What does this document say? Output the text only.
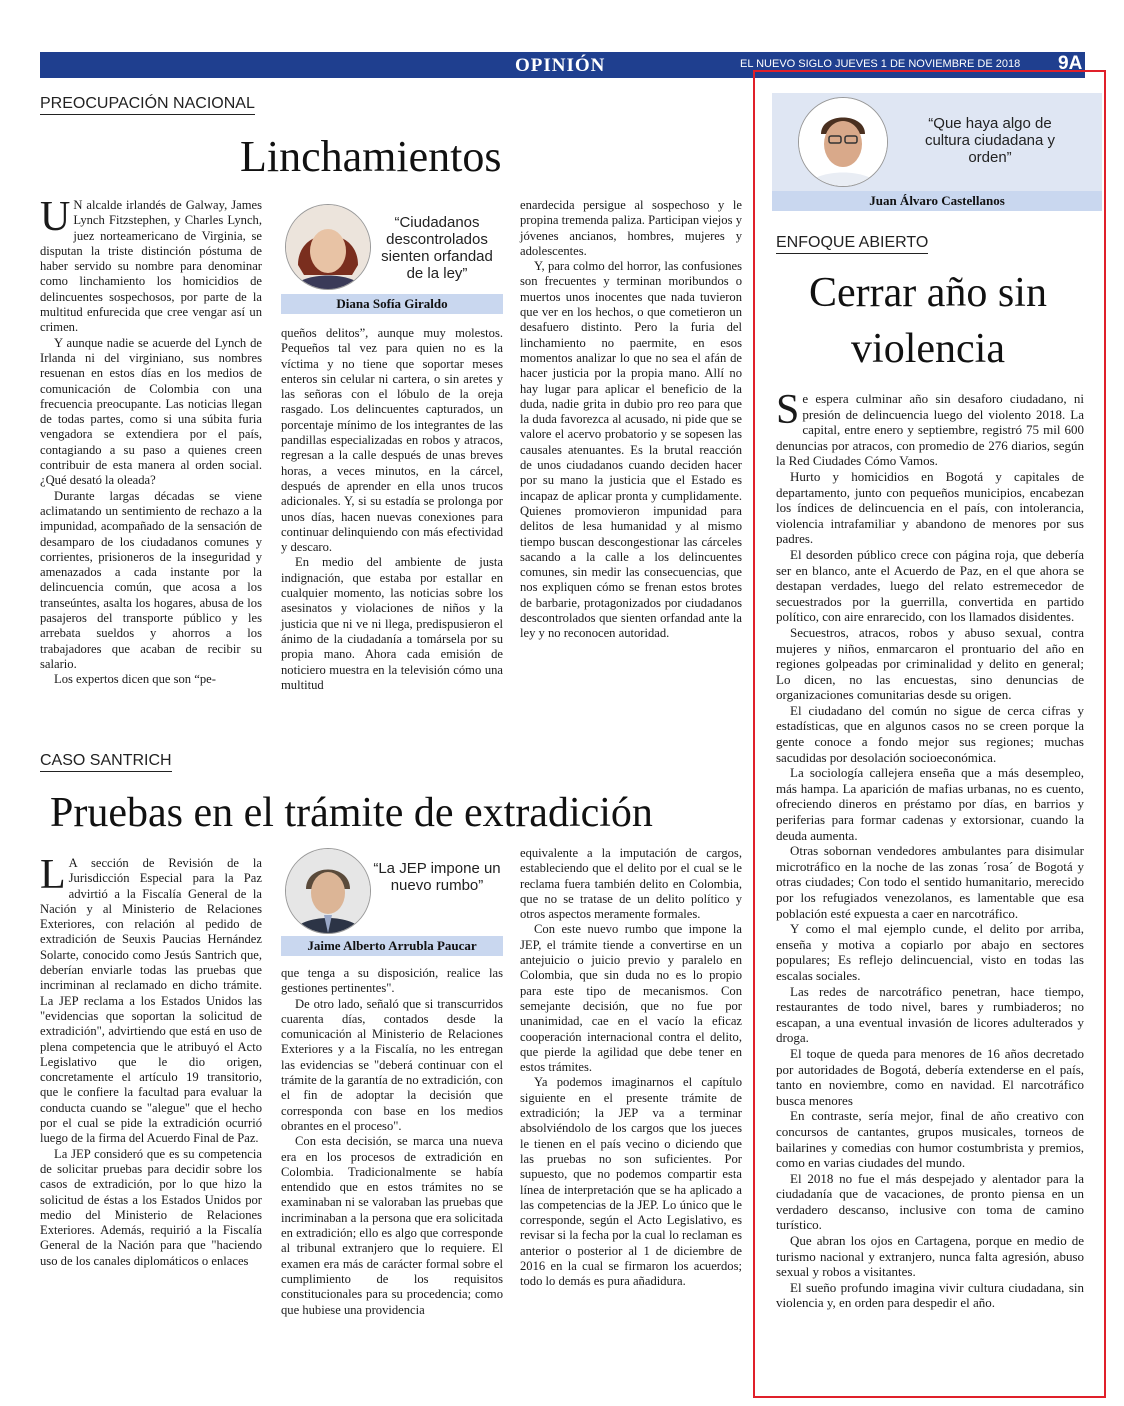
OPINIÓN	EL NUEVO SIGLO JUEVES 1 DE NOVIEMBRE DE 2018 9A
PREOCUPACIÓN NACIONAL
Linchamientos

U N alcalde irlandés de Galway, James Lynch Fitzstephen, y Charles Lynch, juez norteamericano de Virginia, se disputan la triste distinción póstuma de haber servido su nombre para denominar como linchamiento los homicidios de delincuentes sospechosos, por parte de la multitud enfurecida que cree vengar así un crimen.

Y aunque nadie se acuerde del Lynch de Irlanda ni del virginiano, sus nombres resuenan en estos días en los medios de comunicación de Colombia con una frecuencia preocupante. Las noticias llegan de todas partes, como si una súbita furia vengadora se extendiera por el país, contagiando a su paso a quienes creen contribuir de esta manera al orden social. ¿Qué desató la oleada?

Durante largas décadas se viene aclimatando un sentimiento de rechazo a la impunidad, acompañado de la sensación de desamparo de los ciudadanos comunes y corrientes, prisioneros de la inseguridad y amenazados a cada instante por la delincuencia común, que acosa a los transeúntes, asalta los hogares, abusa de los pasajeros del transporte público y les arrebata sueldos y ahorros a los trabajadores que acaban de recibir su salario.

Los expertos dicen que son “pe-

“Ciudadanos descontrolados sienten orfandad de la ley”
Diana Sofía Giraldo

queños delitos”, aunque muy molestos. Pequeños tal vez para quien no es la víctima y no tiene que soportar meses enteros sin celular ni cartera, o sin aretes y las señoras con el lóbulo de la oreja rasgado. Los delincuentes capturados, un porcentaje mínimo de los integrantes de las pandillas especializadas en robos y atracos, regresan a la calle después de unas breves horas, a veces minutos, en la cárcel, después de aprender en ella unos trucos adicionales. Y, si su estadía se prolonga por unos días, hacen nuevas conexiones para continuar delinquiendo con más efectividad y descaro.

En medio del ambiente de justa indignación, que estaba por estallar en cualquier momento, las noticias sobre los asesinatos y violaciones de niños y la justicia que ni ve ni llega, predispusieron el ánimo de la ciudadanía a tomársela por su propia mano. Ahora cada emisión de noticiero muestra en la televisión cómo una multitud

enardecida persigue al sospechoso y le propina tremenda paliza. Participan viejos y jóvenes ancianos, hombres, mujeres y adolescentes.

Y, para colmo del horror, las confusiones son frecuentes y terminan moribundos o muertos unos inocentes que nada tuvieron que ver en los hechos, o que cometieron un desafuero distinto. Pero la furia del linchamiento no paermite, en esos momentos analizar lo que no sea el afán de hacer justicia por la propia mano. Allí no hay lugar para aplicar el beneficio de la duda, nadie grita in dubio pro reo para que la duda favorezca al acusado, ni pide que se valore el acervo probatorio y se sopesen las causales atenuantes. Es la brutal reacción de unos ciudadanos cuando deciden hacer por su mano la justicia que el Estado es incapaz de aplicar pronta y cumplidamente. Quienes promovieron impunidad para delitos de lesa humanidad y al mismo tiempo buscan descongestionar las cárceles sacando a la calle a los delincuentes comunes, sin medir las consecuencias, que nos expliquen cómo se frenan estos brotes de barbarie, protagonizados por ciudadanos descontrolados que sienten orfandad ante la ley y no reconocen autoridad.

CASO SANTRICH
Pruebas en el trámite de extradición

L A sección de Revisión de la Jurisdicción Especial para la Paz advirtió a la Fiscalía General de la Nación y al Ministerio de Relaciones Exteriores, con relación al pedido de extradición de Seuxis Paucias Hernández Solarte, conocido como Jesús Santrich que, deberían enviarle todas las pruebas que incriminan al reclamado en dicho trámite. La JEP reclama a los Estados Unidos las "evidencias que soportan la solicitud de extradición", advirtiendo que está en uso de plena competencia que le atribuyó el Acto Legislativo que le dio origen, concretamente el artículo 19 transitorio, que le confiere la facultad para evaluar la conducta cuando se "alegue" que el hecho por el cual se pide la extradición ocurrió luego de la firma del Acuerdo Final de Paz.

La JEP consideró que es su competencia de solicitar pruebas para decidir sobre los casos de extradición, por lo que hizo la solicitud de éstas a los Estados Unidos por medio del Ministerio de Relaciones Exteriores. Además, requirió a la Fiscalía General de la Nación para que "haciendo uso de los canales diplomáticos o enlaces

“La JEP impone un nuevo rumbo”
Jaime Alberto Arrubla Paucar

que tenga a su disposición, realice las gestiones pertinentes".

De otro lado, señaló que si transcurridos cuarenta días, contados desde la comunicación al Ministerio de Relaciones Exteriores y a la Fiscalía, no les entregan las evidencias se "deberá continuar con el trámite de la garantía de no extradición, con el fin de adoptar la decisión que corresponda con base en los medios obrantes en el proceso".

Con esta decisión, se marca una nueva era en los procesos de extradición en Colombia. Tradicionalmente se había entendido que en estos trámites no se examinaban ni se valoraban las pruebas que incriminaban a la persona que era solicitada en extradición; ello es algo que corresponde al tribunal extranjero que lo requiere. El examen era más de carácter formal sobre el cumplimiento de los requisitos constitucionales para su procedencia; como que hubiese una providencia

equivalente a la imputación de cargos, estableciendo que el delito por el cual se le reclama fuera también delito en Colombia, que no se tratase de un delito político y otros aspectos meramente formales.

Con este nuevo rumbo que impone la JEP, el trámite tiende a convertirse en un antejuicio o juicio previo y paralelo en Colombia, que sin duda no es lo propio para este tipo de mecanismos. Con semejante decisión, que no fue por unanimidad, cae en el vacío la eficaz cooperación internacional contra el delito, que pierde la agilidad que debe tener en estos trámites.

Ya podemos imaginarnos el capítulo siguiente en el presente trámite de extradición; la JEP va a terminar absolviéndolo de los cargos que los jueces le tienen en el país vecino o diciendo que las pruebas no son suficientes. Por supuesto, que no podemos compartir esta línea de interpretación que se ha aplicado a las competencias de la JEP. Lo único que le corresponde, según el Acto Legislativo, es revisar si la fecha por la cual lo reclaman es anterior o posterior al 1 de diciembre de 2016 en la cual se firmaron los acuerdos; todo lo demás es pura añadidura.

“Que haya algo de cultura ciudadana y orden”
Juan Álvaro Castellanos
ENFOQUE ABIERTO
Cerrar año sin
violencia

Se espera culminar año sin desaforo ciudadano, ni presión de delincuencia luego del violento 2018. La capital, entre enero y septiembre, registró 75 mil 600 denuncias por atracos, con promedio de 276 diarios, según la Red Ciudades Cómo Vamos.

Hurto y homicidios en Bogotá y capitales de departamento, junto con pequeños municipios, encabezan los índices de delincuencia en el país, con intolerancia, violencia intrafamiliar y abandono de menores por sus padres.

El desorden público crece con página roja, que debería ser en blanco, ante el Acuerdo de Paz, en el que ahora se destapan verdades, luego del relato estremecedor de secuestrados por la guerrilla, convertida en partido político, con aire enrarecido, con los llamados disidentes.

Secuestros, atracos, robos y abuso sexual, contra mujeres y niños, enmarcaron el prontuario del año en regiones golpeadas por criminalidad y delito en general; Lo dicen, no las encuestas, sino denuncias de organizaciones comunitarias desde su origen.

El ciudadano del común no sigue de cerca cifras y estadísticas, que en algunos casos no se creen porque la gente conoce a fondo mejor sus regiones; muchas sacudidas por desolación socioeconómica.

La sociología callejera enseña que a más desempleo, más hampa. La aparición de mafias urbanas, no es cuento, ofreciendo dineros en préstamo por días, en barrios y periferias para formar cadenas y extorsionar, cuando la deuda aumenta.

Otras sobornan vendedores ambulantes para disimular microtráfico en la noche de las zonas ´rosa´ de Bogotá y otras ciudades; Con todo el sentido humanitario, merecido por los refugiados venezolanos, es lamentable que esa población esté expuesta a caer en narcotráfico.

Y como el mal ejemplo cunde, el delito por arriba, enseña y motiva a copiarlo por abajo en sectores populares; Es reflejo delincuencial, visto en todas las escalas sociales.

Las redes de narcotráfico penetran, hace tiempo, restaurantes de todo nivel, bares y rumbiaderos; no escapan, a una eventual invasión de licores adulterados y droga.

El toque de queda para menores de 16 años decretado por autoridades de Bogotá, debería extenderse en el país, tanto en noviembre, como en navidad. El narcotráfico busca menores

En contraste, sería mejor, final de año creativo con concursos de cantantes, grupos musicales, torneos de bailarines y comedias con humor costumbrista y premios, como en varias ciudades del mundo.

El 2018 no fue el más despejado y alentador para la ciudadanía que de vacaciones, de pronto piensa en un verdadero descanso, inclusive con toma de camino turístico.

Que abran los ojos en Cartagena, porque en medio de turismo nacional y extranjero, nunca falta agresión, abuso sexual y robos a visitantes.

El sueño profundo imagina vivir cultura ciudadana, sin violencia y, en orden para despedir el año.
